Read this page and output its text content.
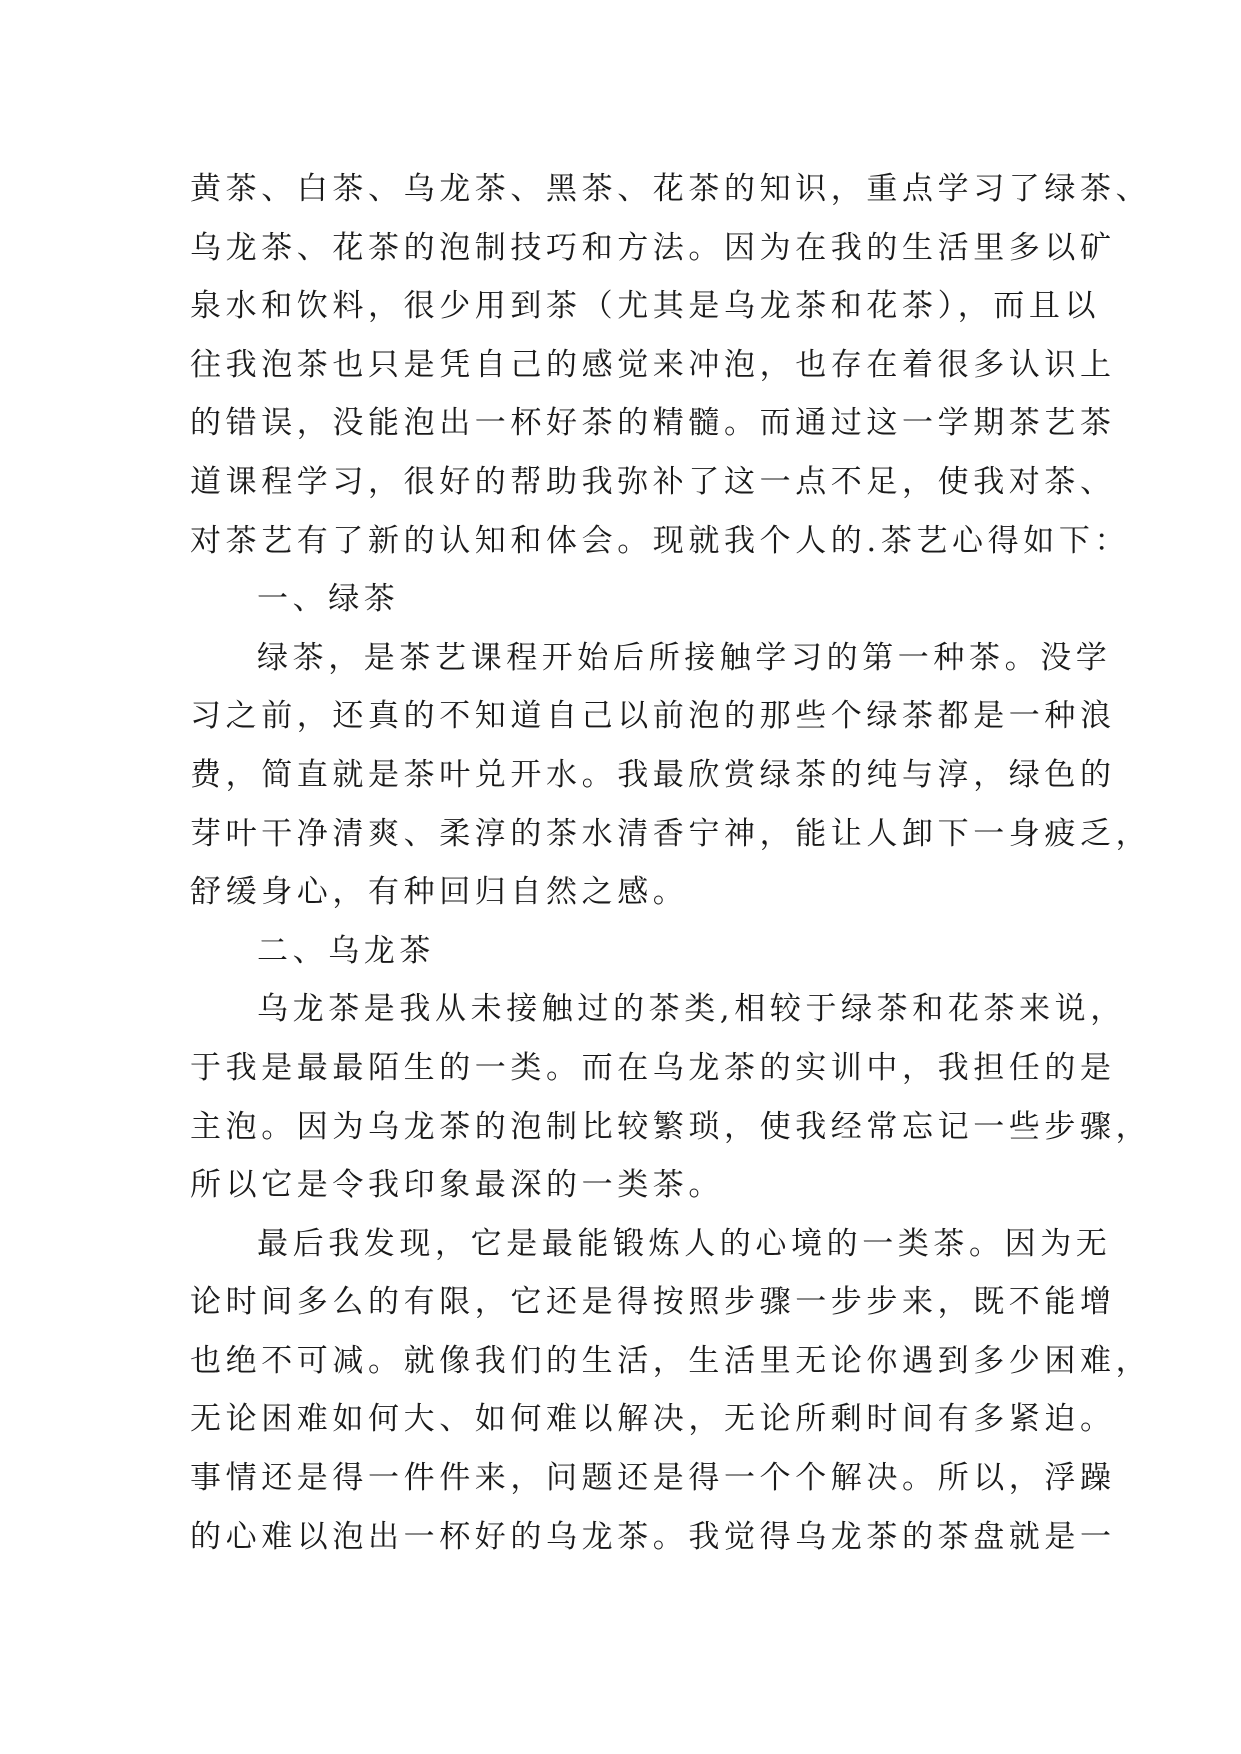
黄茶、白茶、乌龙茶、黑茶、花茶的知识，重点学习了绿茶、
乌龙茶、花茶的泡制技巧和方法。因为在我的生活里多以矿
泉水和饮料，很少用到茶（尤其是乌龙茶和花茶），而且以
往我泡茶也只是凭自己的感觉来冲泡，也存在着很多认识上
的错误，没能泡出一杯好茶的精髓。而通过这一学期茶艺茶
道课程学习，很好的帮助我弥补了这一点不足，使我对茶、
对茶艺有了新的认知和体会。现就我个人的.茶艺心得如下：
一、绿茶
绿茶，是茶艺课程开始后所接触学习的第一种茶。没学
习之前，还真的不知道自己以前泡的那些个绿茶都是一种浪
费，简直就是茶叶兑开水。我最欣赏绿茶的纯与淳，绿色的
芽叶干净清爽、柔淳的茶水清香宁神，能让人卸下一身疲乏，
舒缓身心，有种回归自然之感。
二、乌龙茶
乌龙茶是我从未接触过的茶类,相较于绿茶和花茶来说，
于我是最最陌生的一类。而在乌龙茶的实训中，我担任的是
主泡。因为乌龙茶的泡制比较繁琐，使我经常忘记一些步骤，
所以它是令我印象最深的一类茶。
最后我发现，它是最能锻炼人的心境的一类茶。因为无
论时间多么的有限，它还是得按照步骤一步步来，既不能增
也绝不可减。就像我们的生活，生活里无论你遇到多少困难，
无论困难如何大、如何难以解决，无论所剩时间有多紧迫。
事情还是得一件件来，问题还是得一个个解决。所以，浮躁
的心难以泡出一杯好的乌龙茶。我觉得乌龙茶的茶盘就是一
